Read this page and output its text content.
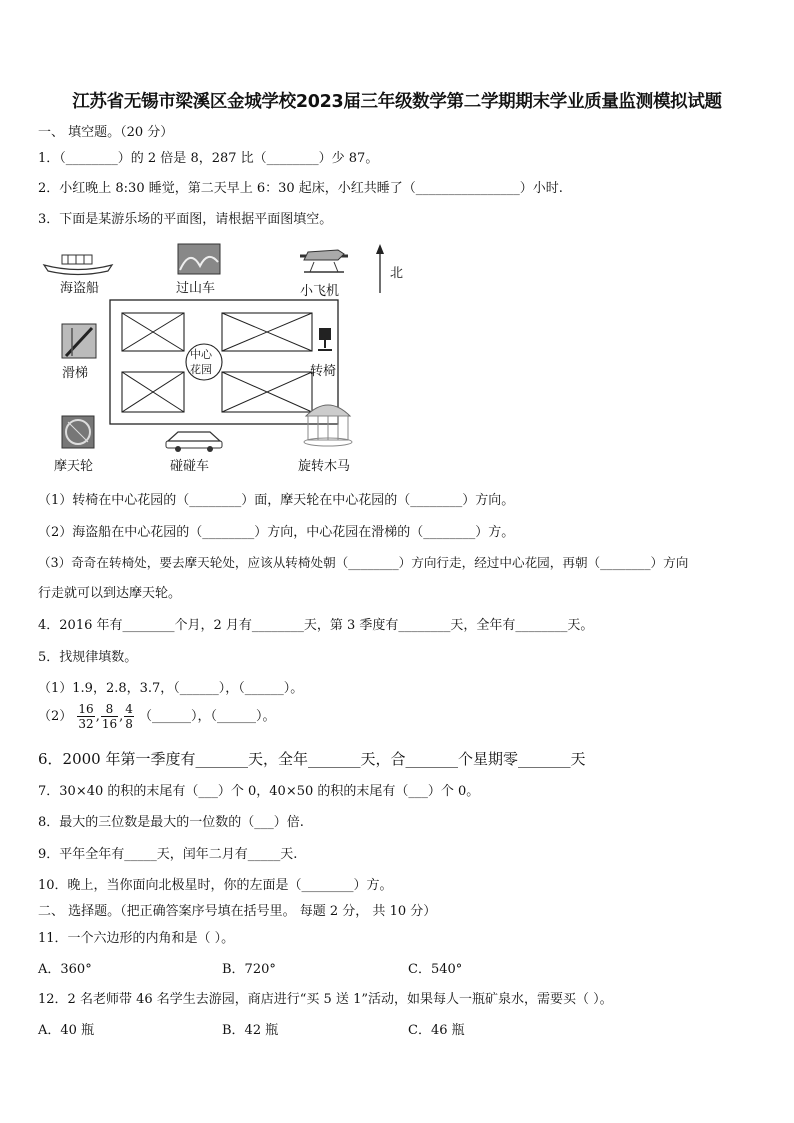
江苏省无锡市梁溪区金城学校2023届三年级数学第二学期期末学业质量监测模拟试题
一、 填空题。（20 分）
1．（________）的 2 倍是 8，287 比（________）少 87。
2．小红晚上 8:30 睡觉，第二天早上 6：30 起床，小红共睡了（________________）小时.
3．下面是某游乐场的平面图，请根据平面图填空。
海盗船	过山车	小飞机
北
滑梯	转椅
中心
花园
摩天轮	碰碰车	旋转木马
（1）转椅在中心花园的（________）面，摩天轮在中心花园的（________）方向。
（2）海盗船在中心花园的（________）方向，中心花园在滑梯的（________）方。
（3）奇奇在转椅处，要去摩天轮处，应该从转椅处朝（________）方向行走，经过中心花园，再朝（________）方向
行走就可以到达摩天轮。
4．2016 年有________个月，2 月有________天，第 3 季度有________天，全年有________天。
5．找规律填数。
（1）1.9，2.8，3.7，（______），（______）。
$(2) \frac{16}{32}$ , $\frac{8}{16}$ , $\frac{4}{8}$ （______），（______）。
6．2000 年第一季度有_______天，全年_______天，合_______个星期零_______天
7．30×40 的积的末尾有（___）个 0，40×50 的积的末尾有（___）个 0。
8．最大的三位数是最大的一位数的（___）倍.
9．平年全年有_____天，闰年二月有_____天.
10．晚上，当你面向北极星时，你的左面是（________）方。
二、 选择题。（把正确答案序号填在括号里。 每题 2 分， 共 10 分）
11．一个六边形的内角和是（ ）。
A．360°	B．720°	C．540°
12．2 名老师带 46 名学生去游园，商店进行“买 5 送 1”活动，如果每人一瓶矿泉水，需要买（ ）。
A．40 瓶	B．42 瓶	C．46 瓶
